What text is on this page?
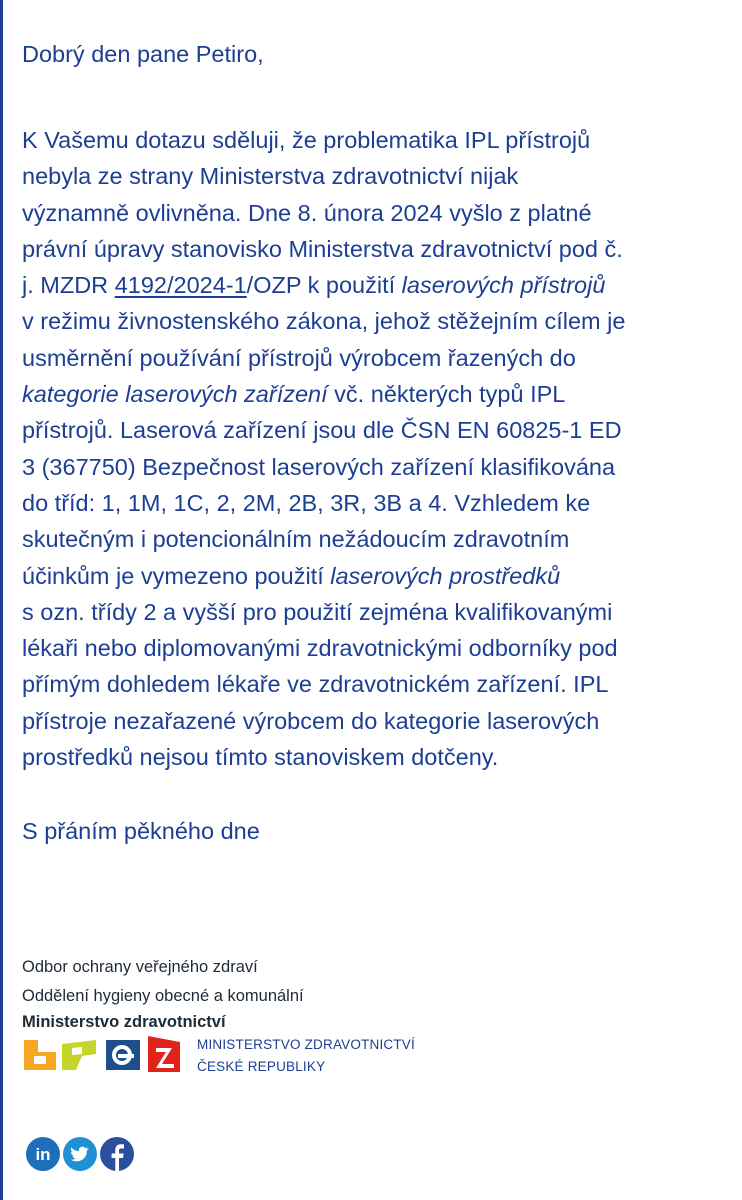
Dobrý den pane Petiro,

K Vašemu dotazu sděluji, že problematika IPL přístrojů
nebyla ze strany Ministerstva zdravotnictví nijak
významně ovlivněna. Dne 8. února 2024 vyšlo z platné
právní úpravy stanovisko Ministerstva zdravotnictví pod č.
j. MZDR 4192/2024-1/OZP k použití laserových přístrojů
v režimu živnostenského zákona, jehož stěžejním cílem je
usměrnění používání přístrojů výrobcem řazených do
kategorie laserových zařízení vč. některých typů IPL
přístrojů. Laserová zařízení jsou dle ČSN EN 60825-1 ED
3 (367750) Bezpečnost laserových zařízení klasifikována
do tříd: 1, 1M, 1C, 2, 2M, 2B, 3R, 3B a 4. Vzhledem ke
skutečným i potencionálním nežádoucím zdravotním
účinkům je vymezeno použití laserových prostředků
s ozn. třídy 2 a vyšší pro použití zejména kvalifikovanými
lékaři nebo diplomovanými zdravotnickými odborníky pod
přímým dohledem lékaře ve zdravotnickém zařízení. IPL
přístroje nezařazené výrobcem do kategorie laserových
prostředků nejsou tímto stanoviskem dotčeny.

S přáním pěkného dne

Odbor ochrany veřejného zdraví
Oddělení hygieny obecné a komunální
Ministerstvo zdravotnictví
MINISTERSTVO ZDRAVOTNICTVÍ
ČESKÉ REPUBLIKY
in
